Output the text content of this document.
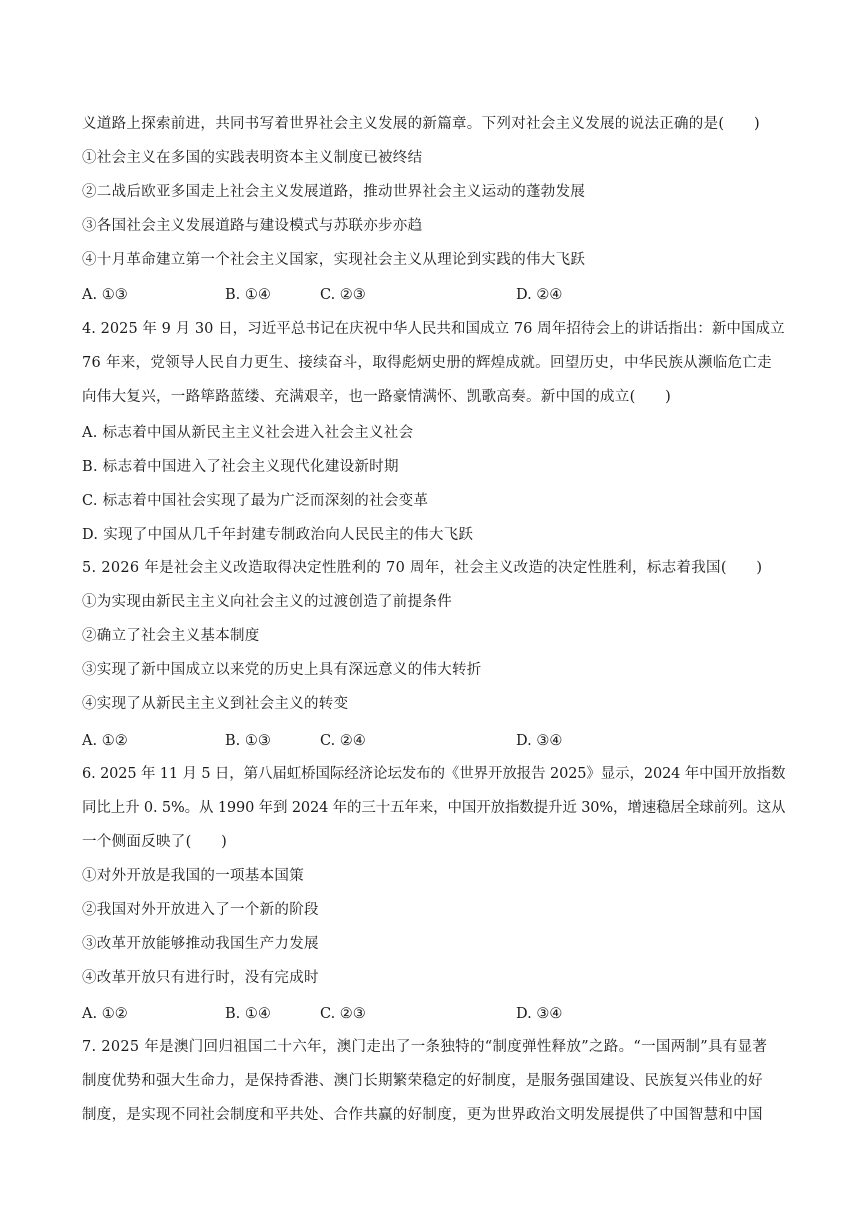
义道路上探索前进，共同书写着世界社会主义发展的新篇章。下列对社会主义发展的说法正确的是(　　)
①社会主义在多国的实践表明资本主义制度已被终结
②二战后欧亚多国走上社会主义发展道路，推动世界社会主义运动的蓬勃发展
③各国社会主义发展道路与建设模式与苏联亦步亦趋
④十月革命建立第一个社会主义国家，实现社会主义从理论到实践的伟大飞跃
A. ①③	B. ①④	C. ②③	D. ②④
4. 2025 年 9 月 30 日，习近平总书记在庆祝中华人民共和国成立 76 周年招待会上的讲话指出：新中国成立
76 年来，党领导人民自力更生、接续奋斗，取得彪炳史册的辉煌成就。回望历史，中华民族从濒临危亡走
向伟大复兴，一路筚路蓝缕、充满艰辛，也一路豪情满怀、凯歌高奏。新中国的成立(　　)
A. 标志着中国从新民主主义社会进入社会主义社会
B. 标志着中国进入了社会主义现代化建设新时期
C. 标志着中国社会实现了最为广泛而深刻的社会变革
D. 实现了中国从几千年封建专制政治向人民民主的伟大飞跃
5. 2026 年是社会主义改造取得决定性胜利的 70 周年，社会主义改造的决定性胜利，标志着我国(　　)
①为实现由新民主主义向社会主义的过渡创造了前提条件
②确立了社会主义基本制度
③实现了新中国成立以来党的历史上具有深远意义的伟大转折
④实现了从新民主主义到社会主义的转变
A. ①②	B. ①③	C. ②④	D. ③④
6. 2025 年 11 月 5 日，第八届虹桥国际经济论坛发布的《世界开放报告 2025》显示，2024 年中国开放指数
同比上升 0. 5%。从 1990 年到 2024 年的三十五年来，中国开放指数提升近 30%，增速稳居全球前列。这从
一个侧面反映了(　　)
①对外开放是我国的一项基本国策
②我国对外开放进入了一个新的阶段
③改革开放能够推动我国生产力发展
④改革开放只有进行时，没有完成时
A. ①②	B. ①④	C. ②③	D. ③④
7. 2025 年是澳门回归祖国二十六年，澳门走出了一条独特的“制度弹性释放”之路。“一国两制”具有显著
制度优势和强大生命力，是保持香港、澳门长期繁荣稳定的好制度，是服务强国建设、民族复兴伟业的好
制度，是实现不同社会制度和平共处、合作共赢的好制度，更为世界政治文明发展提供了中国智慧和中国
